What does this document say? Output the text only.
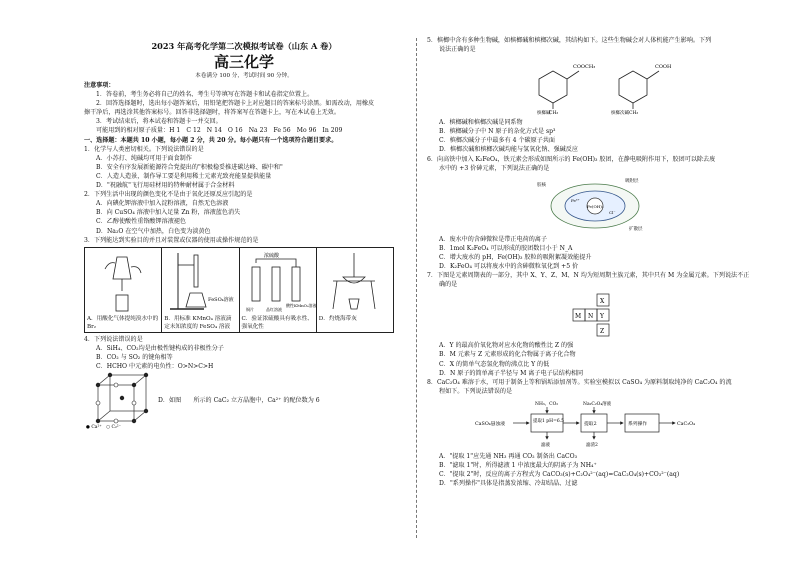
2023 年高考化学第二次模拟考试卷（山东 A 卷）
高三化学
本卷满分 100 分，考试时间 90 分钟。
注意事项：
1．答卷前，考生务必将自己的姓名、考生号等填写在答题卡和试卷指定位置上。
2．回答选择题时，选出每小题答案后，用铅笔把答题卡上对应题目的答案标号涂黑。如需改动，用橡皮
擦干净后，再选涂其他答案标号。回答非选择题时，将答案写在答题卡上，写在本试卷上无效。
3．考试结束后，将本试卷和答题卡一并交回。
可能用到的相对原子质量：H 1　C 12　N 14　O 16　Na 23　Fe 56　Mo 96　In 209
一、选择题：本题共 10 小题，每小题 2 分，共 20 分。每小题只有一个选项符合题目要求。
1．化学与人类密切相关。下列说法错误的是
A．小苏打、纯碱均可用于面食制作
B．安全有序发展新能源符合党提出的"积极稳妥推进碳达峰、碳中和"
C．人造人造景，制作导工要是利用稀土元素光致亮能显提供能量
D．"祝融航"飞行用硅材用的特种耐材属于合金材料
2．下列生活中出现的颜色变化不是由于氧化还原反应引起的是
A．向碘化钾溶液中加入淀粉溶液，自然无色溶液
B．向 CuSO₄ 溶液中加入足量 Zn 粉，溶液蓝色消失
C．乙醇使酸性重铬酸钾溶液褪色
D．Na₂O 在空气中加热，白色变为淡黄色
3．下列能达到实验目的并且对装置或仪器的使用或操作规范的是
A．用酸化气体提纯溴水中的 Br₂	
FeSO₄溶液
B．用标准 KMnO₄ 溶液滴定未知浓度的 FeSO₄ 溶液	
浓硫酸
酸性KMnO₄溶液
铜片	品红溶液
C．验证浓硫酸具有吸水性、强氧化性	
D．灼烧海带灰
4．下列说法错误的是
A．SiH₄、CO₂均是由极性键构成的非极性分子
B．CO₂ 与 SO₂ 的键角相等
C．HCHO 中元素的电负性：O>N>C>H
● Ca²⁺　○ C₂²⁻
D．如图　　所示的 CaC₂ 立方晶胞中，Ca²⁺ 的配位数为 6
5．槟榔中含有多种生物碱，如槟榔碱和槟榔次碱，其结构如下。这些生物碱会对人体机能产生影响。下列
说法正确的是
COOCH₃
CH₃
槟榔碱
COOH
CH₃
槟榔次碱
A．槟榔碱和槟榔次碱是同系物
B．槟榔碱分子中 N 原子的杂化方式是 sp³
C．槟榔次碱分子中最多有 4 个碳原子共面
D．槟榔次碱和槟榔次碱均能与氢氧化钠、强碱反应
6．向高铁中加入 K₂FeO₄，铁元素会形成如图所示的 Fe(OH)₃ 胶团，在静电吸附作用下，胶团可以除去废
水中的 +3 价砷元素，下列说法正确的是
Fe(OH)₃
Fe³⁺
Cl⁻
胶核
吸附层
扩散层
A．废水中的含砷微粒是带正电荷的离子
B．1mol K₂FeO₄ 可以形成的胶团数目小于 N_A
C．增大废水的 pH，Fe(OH)₃ 胶粒的吸附絮凝效能提升
D．K₂FeO₄ 可以将废水中的含砷微粒氧化到 +5 价
7．下图是元素周期表的一部分，其中 X、Y、Z、M、N 均为短周期主族元素，其中只有 M 为金属元素。下列说法不正
确的是
X
M N Y
Z
A．Y 的最高价氧化物对应水化物的酸性比 Z 的强
B．M 元素与 Z 元素形成的化合物属于离子化合物
C．X 的简单气态氢化物的沸点比 Y 的低
D．N 原子的简单离子半径与 M 离子电子层结构相同
8．CaC₂O₄ 难溶于水，可用于制备上等和锅垢添加剂等。实验室模拟以 CaSO₄ 为原料制取纯净的 CaC₂O₄ 的流
程如下。下列说法错误的是
CaSO₄悬浊液
提取1 pH=6.5
提取2	系列操作	CaC₂O₄
NH₃、CO₂	Na₂C₂O₄溶液
滤液	滤渣2
A．"提取 1"应先通 NH₃ 再通 CO₂ 制备出 CaCO₃
B．"滤取 1"时，所得滤液 1 中浓度最大的阴离子为 NH₄⁺
C．"提取 2"时，反应的离子方程式为 CaCO₃(s)+C₂O₄²⁻(aq)=CaC₂O₄(s)+CO₃²⁻(aq)
D．"系列操作"具体是指蒸发浓缩、冷却结晶、过滤
